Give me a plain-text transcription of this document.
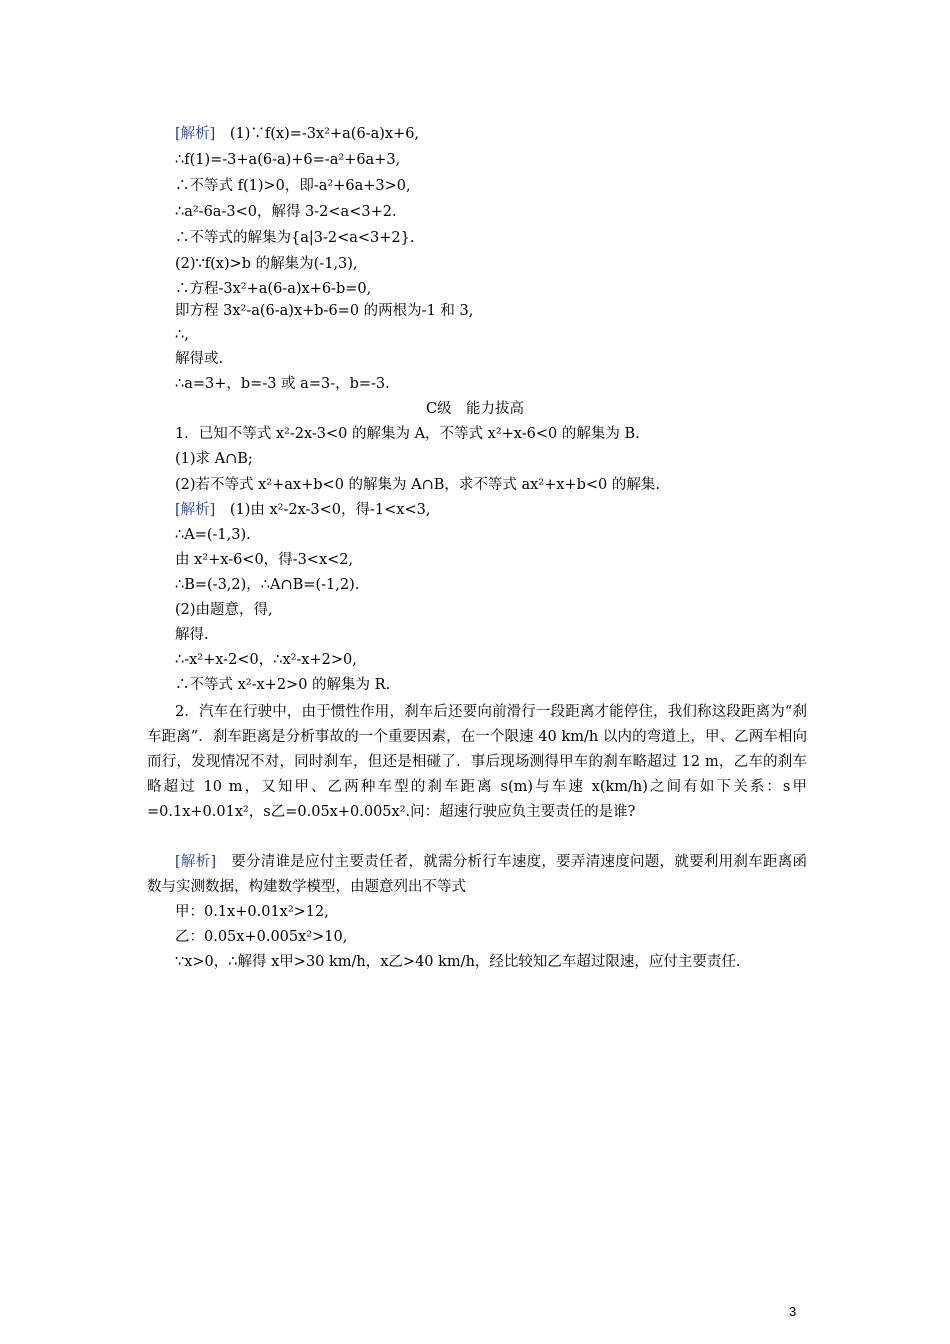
[解析]　 (1)∵f(x)=-3x²+a(6-a)x+6,
∴f(1)=-3+a(6-a)+6=-a²+6a+3,
∴不等式 f(1)>0，即-a²+6a+3>0,
∴a²-6a-3<0，解得 3-2<a<3+2.
∴不等式的解集为{a|3-2<a<3+2}.
(2)∵f(x)>b 的解集为(-1,3),
∴方程-3x²+a(6-a)x+6-b=0,
即方程 3x²-a(6-a)x+b-6=0 的两根为-1 和 3,
∴,
解得或.
∴a=3+，b=-3 或 a=3-，b=-3.
C级　能力拔高
1．已知不等式 x²-2x-3<0 的解集为 A，不等式 x²+x-6<0 的解集为 B.
(1)求 A∩B;
(2)若不等式 x²+ax+b<0 的解集为 A∩B，求不等式 ax²+x+b<0 的解集.
[解析]　 (1)由 x²-2x-3<0，得-1<x<3,
∴A=(-1,3).
由 x²+x-6<0，得-3<x<2,
∴B=(-3,2)，∴A∩B=(-1,2).
(2)由题意，得,
解得.
∴-x²+x-2<0，∴x²-x+2>0,
∴不等式 x²-x+2>0 的解集为 R.
2．汽车在行驶中，由于惯性作用，刹车后还要向前滑行一段距离才能停住，我们称这段距离为“刹车距离”．刹车距离是分析事故的一个重要因素，在一个限速 40 km/h 以内的弯道上，甲、乙两车相向而行，发现情况不对，同时刹车，但还是相碰了．事后现场测得甲车的刹车略超过 12 m，乙车的刹车略超过 10 m，又知甲、乙两种车型的刹车距离 s(m)与车速 x(km/h)之间有如下关系：s甲=0.1x+0.01x²，s乙=0.05x+0.005x².问：超速行驶应负主要责任的是谁?
[解析]　 要分清谁是应付主要责任者，就需分析行车速度，要弄清速度问题，就要利用刹车距离函数与实测数据，构建数学模型，由题意列出不等式
甲：0.1x+0.01x²>12,
乙：0.05x+0.005x²>10,
∵x>0，∴解得 x甲>30 km/h，x乙>40 km/h，经比较知乙车超过限速，应付主要责任.
3
